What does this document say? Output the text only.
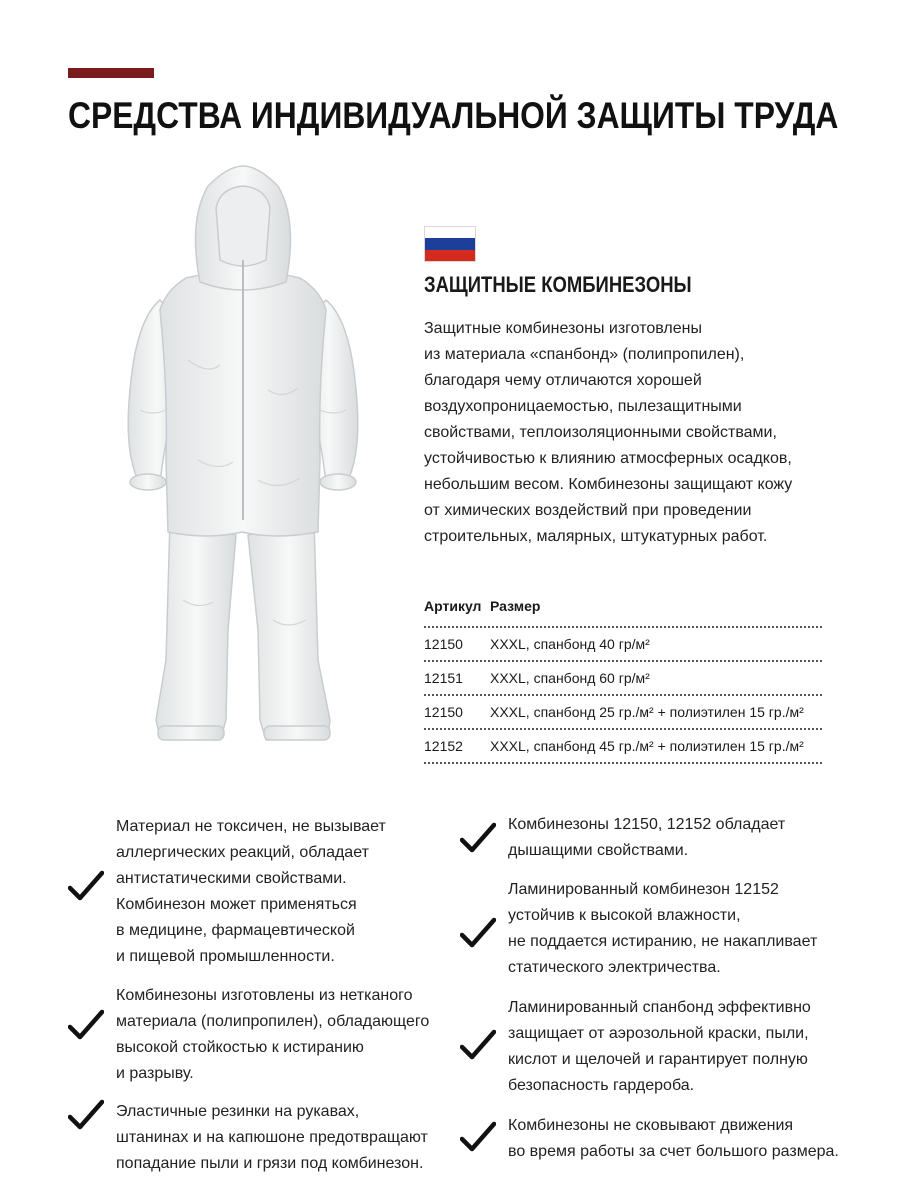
СРЕДСТВА ИНДИВИДУАЛЬНОЙ ЗАЩИТЫ ТРУДА
ЗАЩИТНЫЕ КОМБИНЕЗОНЫ
Защитные комбинезоны изготовлены
из материала «спанбонд» (полипропилен),
благодаря чему отличаются хорошей
воздухопроницаемостью, пылезащитными
свойствами, теплоизоляционными свойствами,
устойчивостью к влиянию атмосферных осадков,
небольшим весом. Комбинезоны защищают кожу
от химических воздействий при проведении
строительных, малярных, штукатурных работ.
Артикул Размер
12150	XXXL, спанбонд 40 гр/м²
12151	XXXL, спанбонд 60 гр/м²
12150	XXXL, спанбонд 25 гр./м² + полиэтилен 15 гр./м²
12152	XXXL, спанбонд 45 гр./м² + полиэтилен 15 гр./м²
Материал не токсичен, не вызывает
аллергических реакций, обладает
антистатическими свойствами.
Комбинезон может применяться
в медицине, фармацевтической
и пищевой промышленности.
Комбинезоны изготовлены из нетканого
материала (полипропилен), обладающего
высокой стойкостью к истиранию
и разрыву.
Эластичные резинки на рукавах,
штанинах и на капюшоне предотвращают
попадание пыли и грязи под комбинезон.
Комбинезоны 12150, 12152 обладает
дышащими свойствами.
Ламинированный комбинезон 12152
устойчив к высокой влажности,
не поддается истиранию, не накапливает
статического электричества.
Ламинированный спанбонд эффективно
защищает от аэрозольной краски, пыли,
кислот и щелочей и гарантирует полную
безопасность гардероба.
Комбинезоны не сковывают движения
во время работы за счет большого размера.
